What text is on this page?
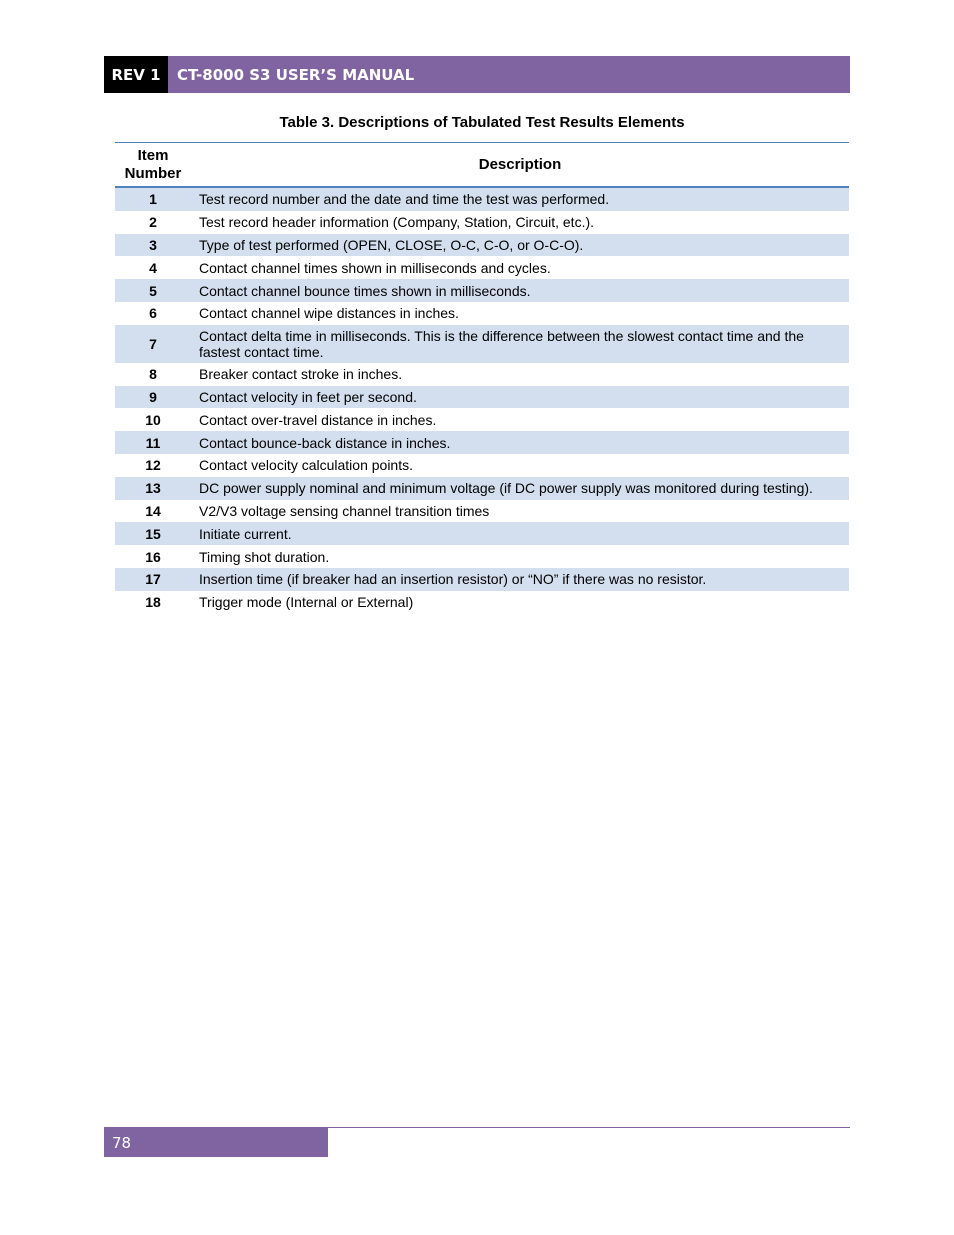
REV 1	CT-8000 S3 USER’S MANUAL
Table 3. Descriptions of Tabulated Test Results Elements
Item Number	Description
1	Test record number and the date and time the test was performed.
2	Test record header information (Company, Station, Circuit, etc.).
3	Type of test performed (OPEN, CLOSE, O-C, C-O, or O-C-O).
4	Contact channel times shown in milliseconds and cycles.
5	Contact channel bounce times shown in milliseconds.
6	Contact channel wipe distances in inches.
7	Contact delta time in milliseconds. This is the difference between the slowest contact time and the fastest contact time.
8	Breaker contact stroke in inches.
9	Contact velocity in feet per second.
10	Contact over-travel distance in inches.
11	Contact bounce-back distance in inches.
12	Contact velocity calculation points.
13	DC power supply nominal and minimum voltage (if DC power supply was monitored during testing).
14	V2/V3 voltage sensing channel transition times
15	Initiate current.
16	Timing shot duration.
17	Insertion time (if breaker had an insertion resistor) or “NO” if there was no resistor.
18	Trigger mode (Internal or External)
78
